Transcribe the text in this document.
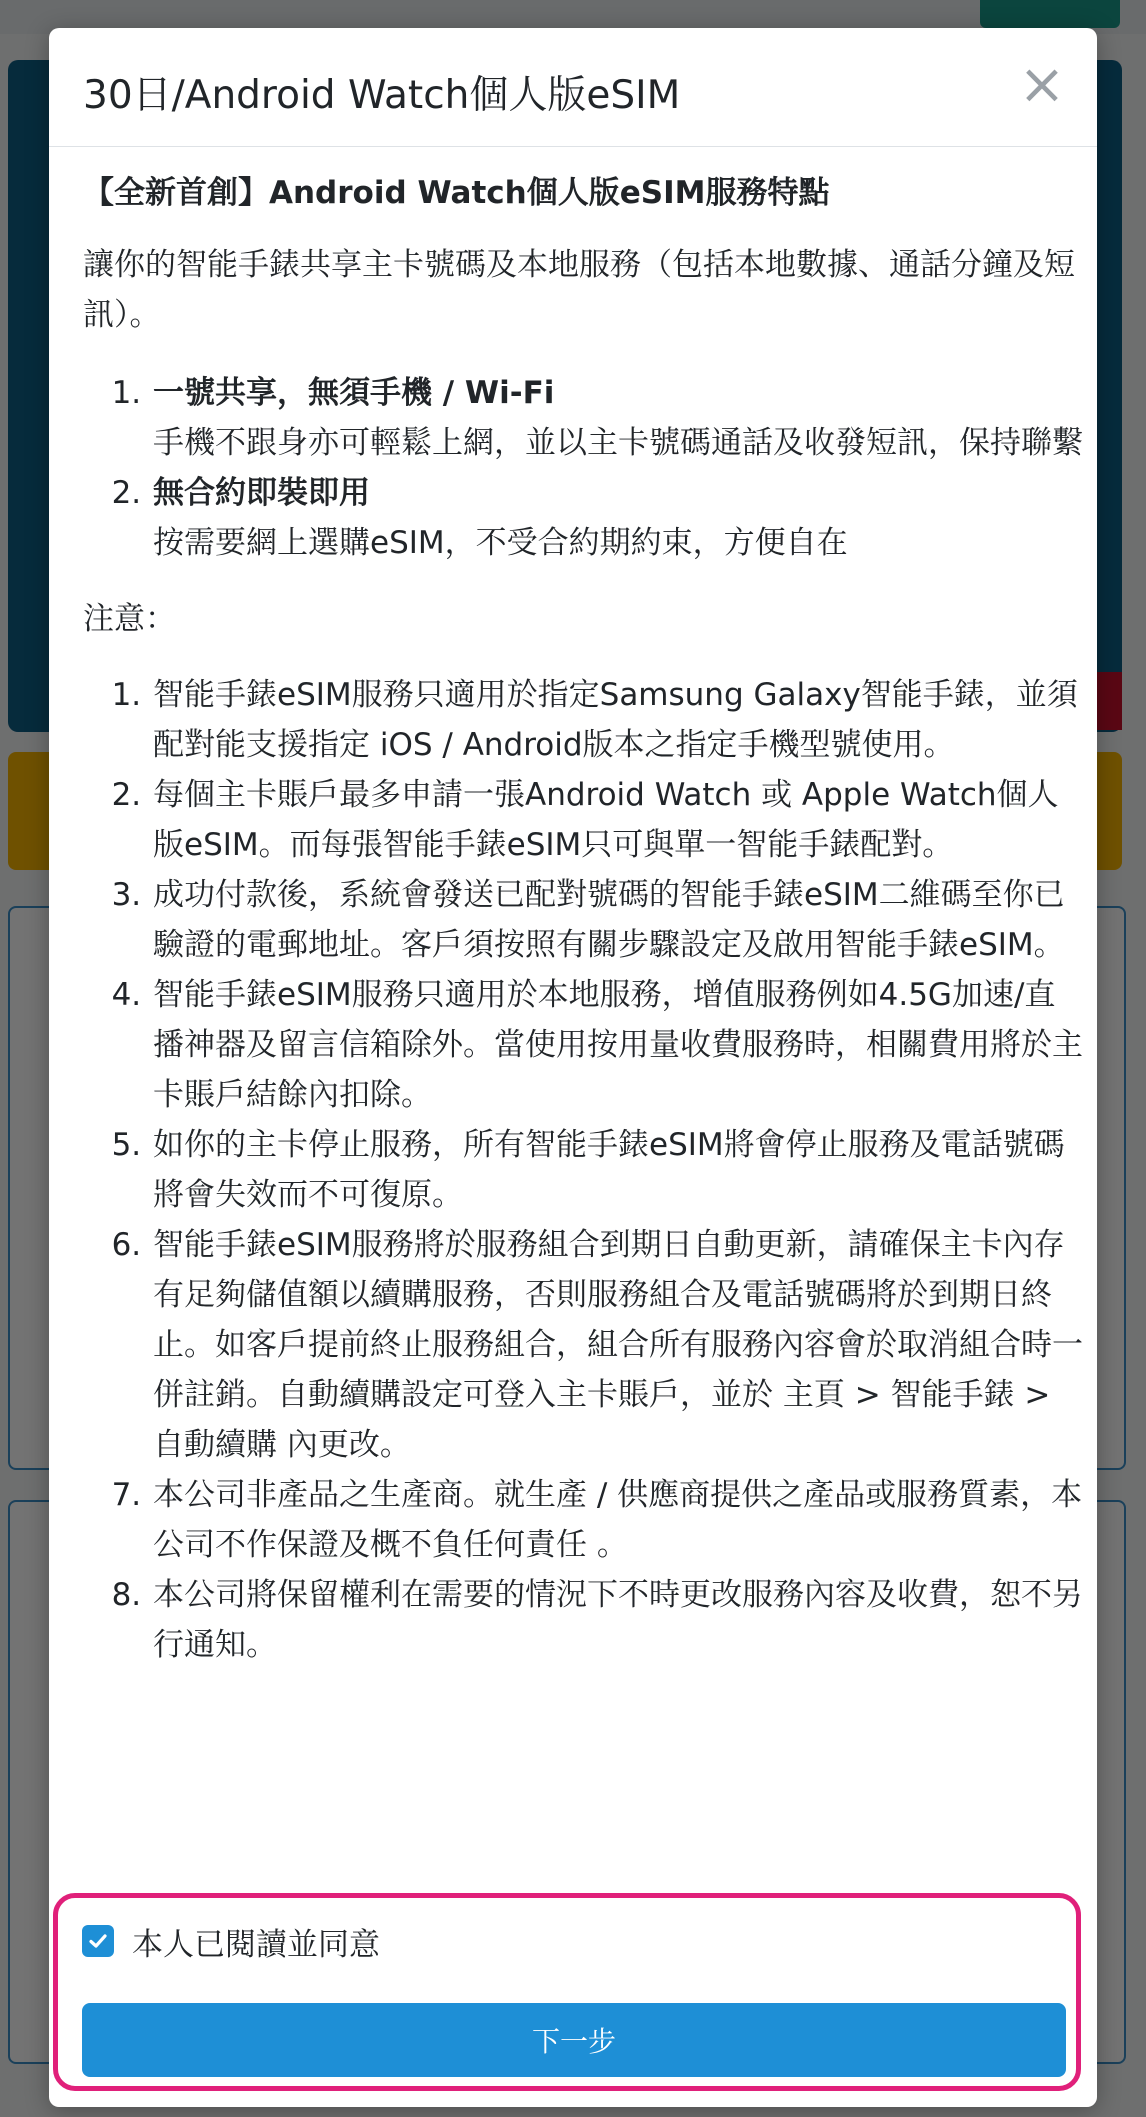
30日/Android Watch個人版eSIM	×

【全新首創】Android Watch個人版eSIM服務特點

讓你的智能手錶共享主卡號碼及本地服務（包括本地數據、通話分鐘及短訊）。

1. 一號共享，無須手機 / Wi-Fi
手機不跟身亦可輕鬆上網，並以主卡號碼通話及收發短訊，保持聯繫
2. 無合約即裝即用
按需要網上選購eSIM，不受合約期約束，方便自在

注意：

1. 智能手錶eSIM服務只適用於指定Samsung Galaxy智能手錶，並須配對能支援指定 iOS / Android版本之指定手機型號使用。
2. 每個主卡賬戶最多申請一張Android Watch 或 Apple Watch個人版eSIM。而每張智能手錶eSIM只可與單一智能手錶配對。
3. 成功付款後，系統會發送已配對號碼的智能手錶eSIM二維碼至你已驗證的電郵地址。客戶須按照有關步驟設定及啟用智能手錶eSIM。
4. 智能手錶eSIM服務只適用於本地服務，增值服務例如4.5G加速/直播神器及留言信箱除外。當使用按用量收費服務時，相關費用將於主卡賬戶結餘內扣除。
5. 如你的主卡停止服務，所有智能手錶eSIM將會停止服務及電話號碼將會失效而不可復原。
6. 智能手錶eSIM服務將於服務組合到期日自動更新，請確保主卡內存有足夠儲值額以續購服務，否則服務組合及電話號碼將於到期日終止。如客戶提前終止服務組合，組合所有服務內容會於取消組合時一併註銷。自動續購設定可登入主卡賬戶，並於 主頁 > 智能手錶 > 自動續購 內更改。
7. 本公司非產品之生產商。就生產 / 供應商提供之產品或服務質素，本公司不作保證及概不負任何責任 。
8. 本公司將保留權利在需要的情況下不時更改服務內容及收費，恕不另行通知。
本人已閱讀並同意
下一步
